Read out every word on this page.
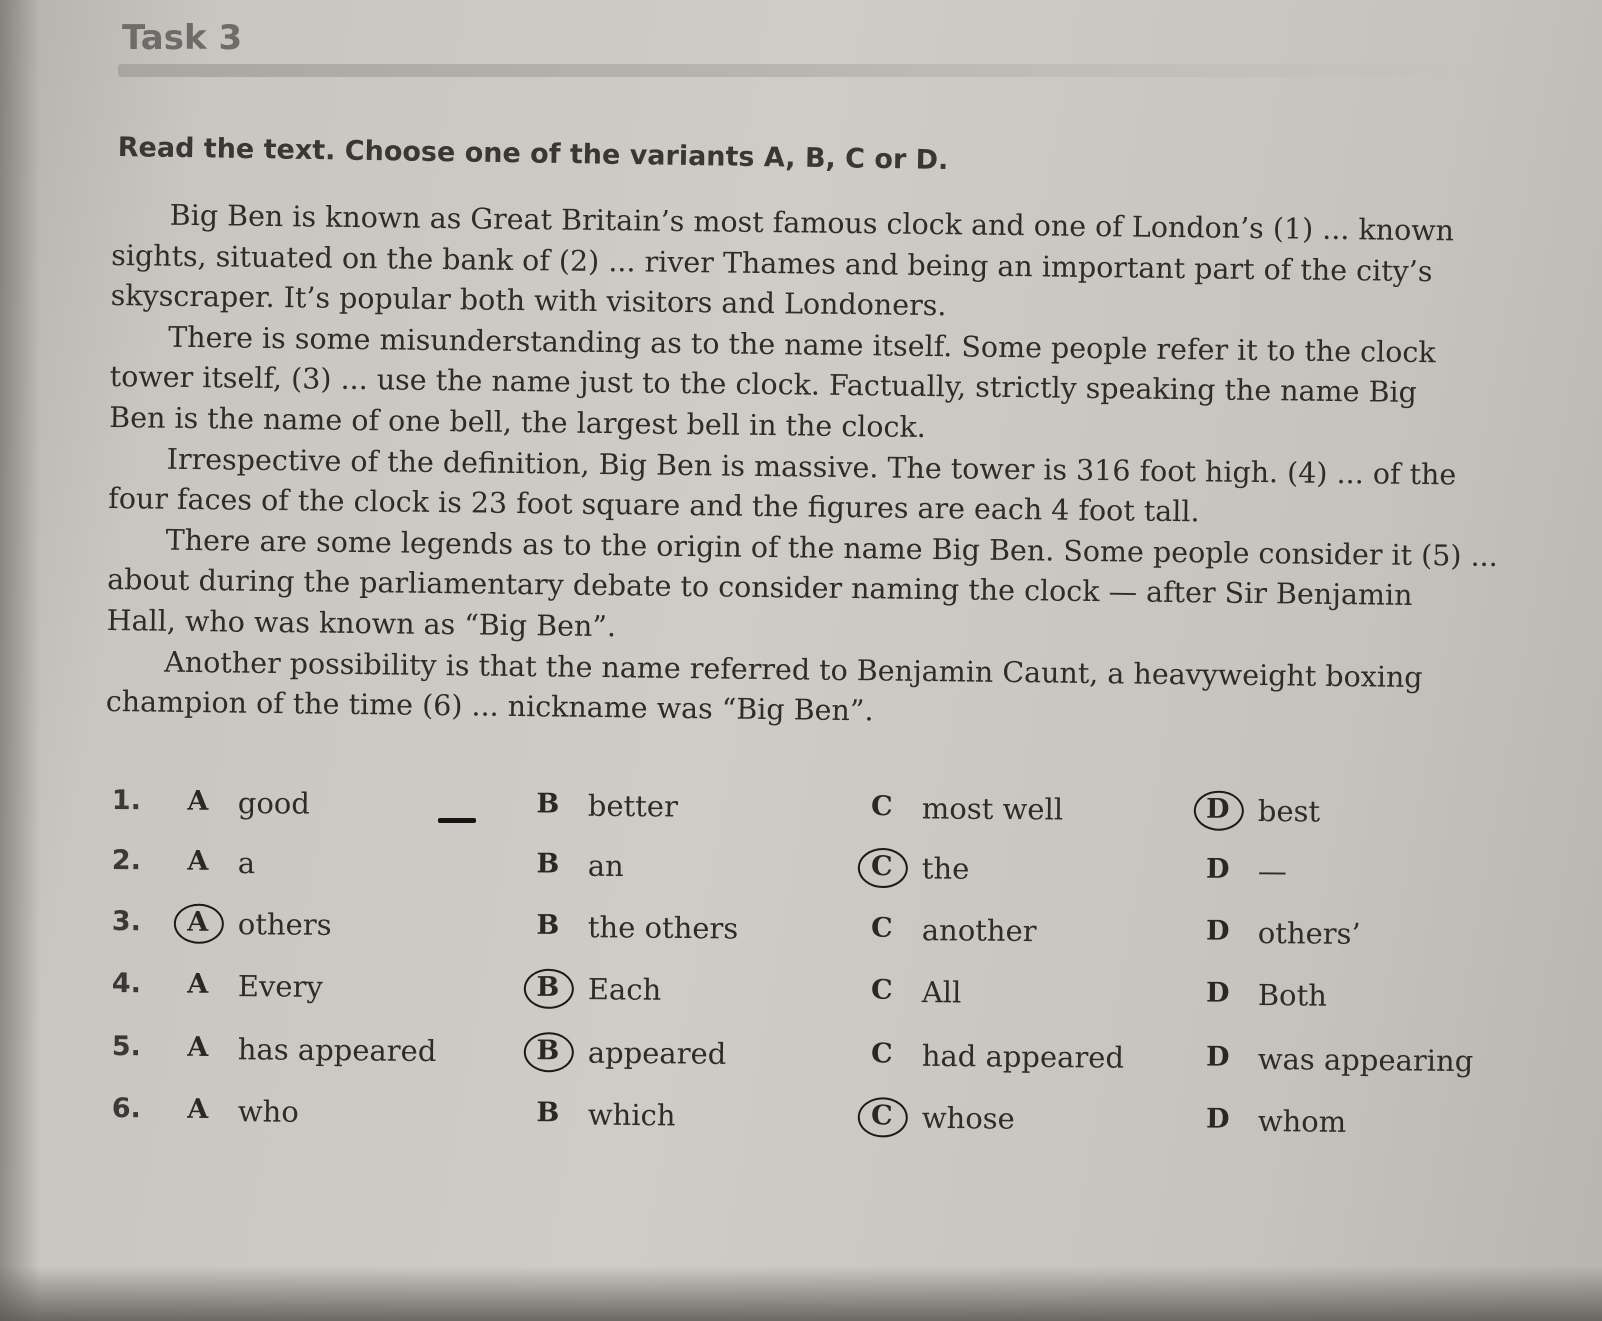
Task 3
Read the text. Choose one of the variants A, B, C or D.
Big Ben is known as Great Britain’s most famous clock and one of London’s (1) ... known
sights, situated on the bank of (2) ... river Thames and being an important part of the city’s
skyscraper. It’s popular both with visitors and Londoners.
There is some misunderstanding as to the name itself. Some people refer it to the clock
tower itself, (3) ... use the name just to the clock. Factually, strictly speaking the name Big
Ben is the name of one bell, the largest bell in the clock.
Irrespective of the definition, Big Ben is massive. The tower is 316 foot high. (4) ... of the
four faces of the clock is 23 foot square and the figures are each 4 foot tall.
There are some legends as to the origin of the name Big Ben. Some people consider it (5) ...
about during the parliamentary debate to consider naming the clock — after Sir Benjamin
Hall, who was known as “Big Ben”.
Another possibility is that the name referred to Benjamin Caunt, a heavyweight boxing
champion of the time (6) ... nickname was “Big Ben”.
1. A good	B better	C most well	D best
2. A a	B an	C the	D —
3. A others	B the others	C another	D others’
4. A Every	B Each	C All	D Both
5. A has appeared	B appeared	C had appeared	D was appearing
6. A who	B which	C whose	D whom
